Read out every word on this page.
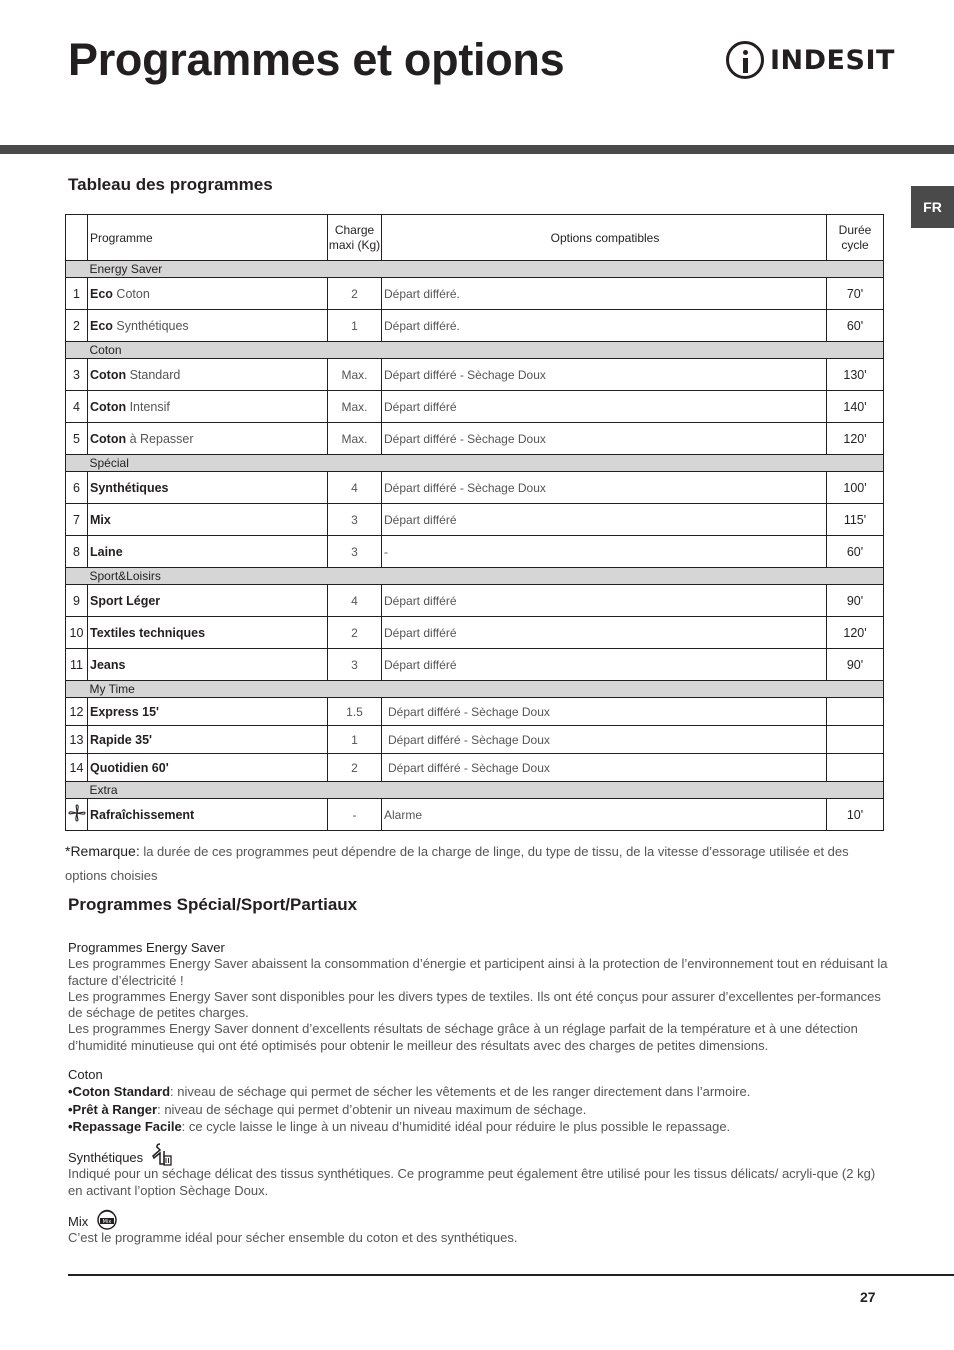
Programmes et options	INDESIT
FR
Tableau des programmes
	Programme	Charge maxi (Kg)	Options compatibles	Durée cycle
	Energy Saver			
1	Eco Coton	2	Départ différé.	70'
2	Eco Synthétiques	1	Départ différé.	60'
	Coton			
3	Coton Standard	Max.	Départ différé - Sèchage Doux	130'
4	Coton Intensif	Max.	Départ différé	140'
5	Coton à Repasser	Max.	Départ différé - Sèchage Doux	120'
	Spécial			
6	Synthétiques	4	Départ différé - Sèchage Doux	100'
7	Mix	3	Départ différé	115'
8	Laine	3	-	60'
	Sport&Loisirs			
9	Sport Léger	4	Départ différé	90'
10	Textiles techniques	2	Départ différé	120'
11	Jeans	3	Départ différé	90'
	My Time			
12	Express 15'	1.5	Départ différé - Sèchage Doux	
13	Rapide 35'	1	Départ différé - Sèchage Doux	
14	Quotidien 60'	2	Départ différé - Sèchage Doux	
	Extra			
	Rafraîchissement	-	Alarme	10'
*Remarque: la durée de ces programmes peut dépendre de la charge de linge, du type de tissu, de la vitesse d’essorage utilisée et des options choisies
Programmes Spécial/Sport/Partiaux
Programmes Energy Saver
Les programmes Energy Saver abaissent la consommation d’énergie et participent ainsi à la protection de l’environnement tout en réduisant la facture d’électricité !
Les programmes Energy Saver sont disponibles pour les divers types de textiles. Ils ont été conçus pour assurer d’excellentes per-formances de séchage de petites charges.
Les programmes Energy Saver donnent d’excellents résultats de séchage grâce à un réglage parfait de la température et à une détection d’humidité minutieuse qui ont été optimisés pour obtenir le meilleur des résultats avec des charges de petites dimensions.
Coton
•Coton Standard: niveau de séchage qui permet de sécher les vêtements et de les ranger directement dans l’armoire.
•Prêt à Ranger: niveau de séchage qui permet d’obtenir un niveau maximum de séchage.
•Repassage Facile: ce cycle laisse le linge à un niveau d’humidité idéal pour réduire le plus possible le repassage.
Synthétiques
Indiqué pour un séchage délicat des tissus synthétiques. Ce programme peut également être utilisé pour les tissus délicats/ acryli-que (2 kg) en activant l’option Sèchage Doux.
Mix	Mix
C’est le programme idéal pour sécher ensemble du coton et des synthétiques.
27
